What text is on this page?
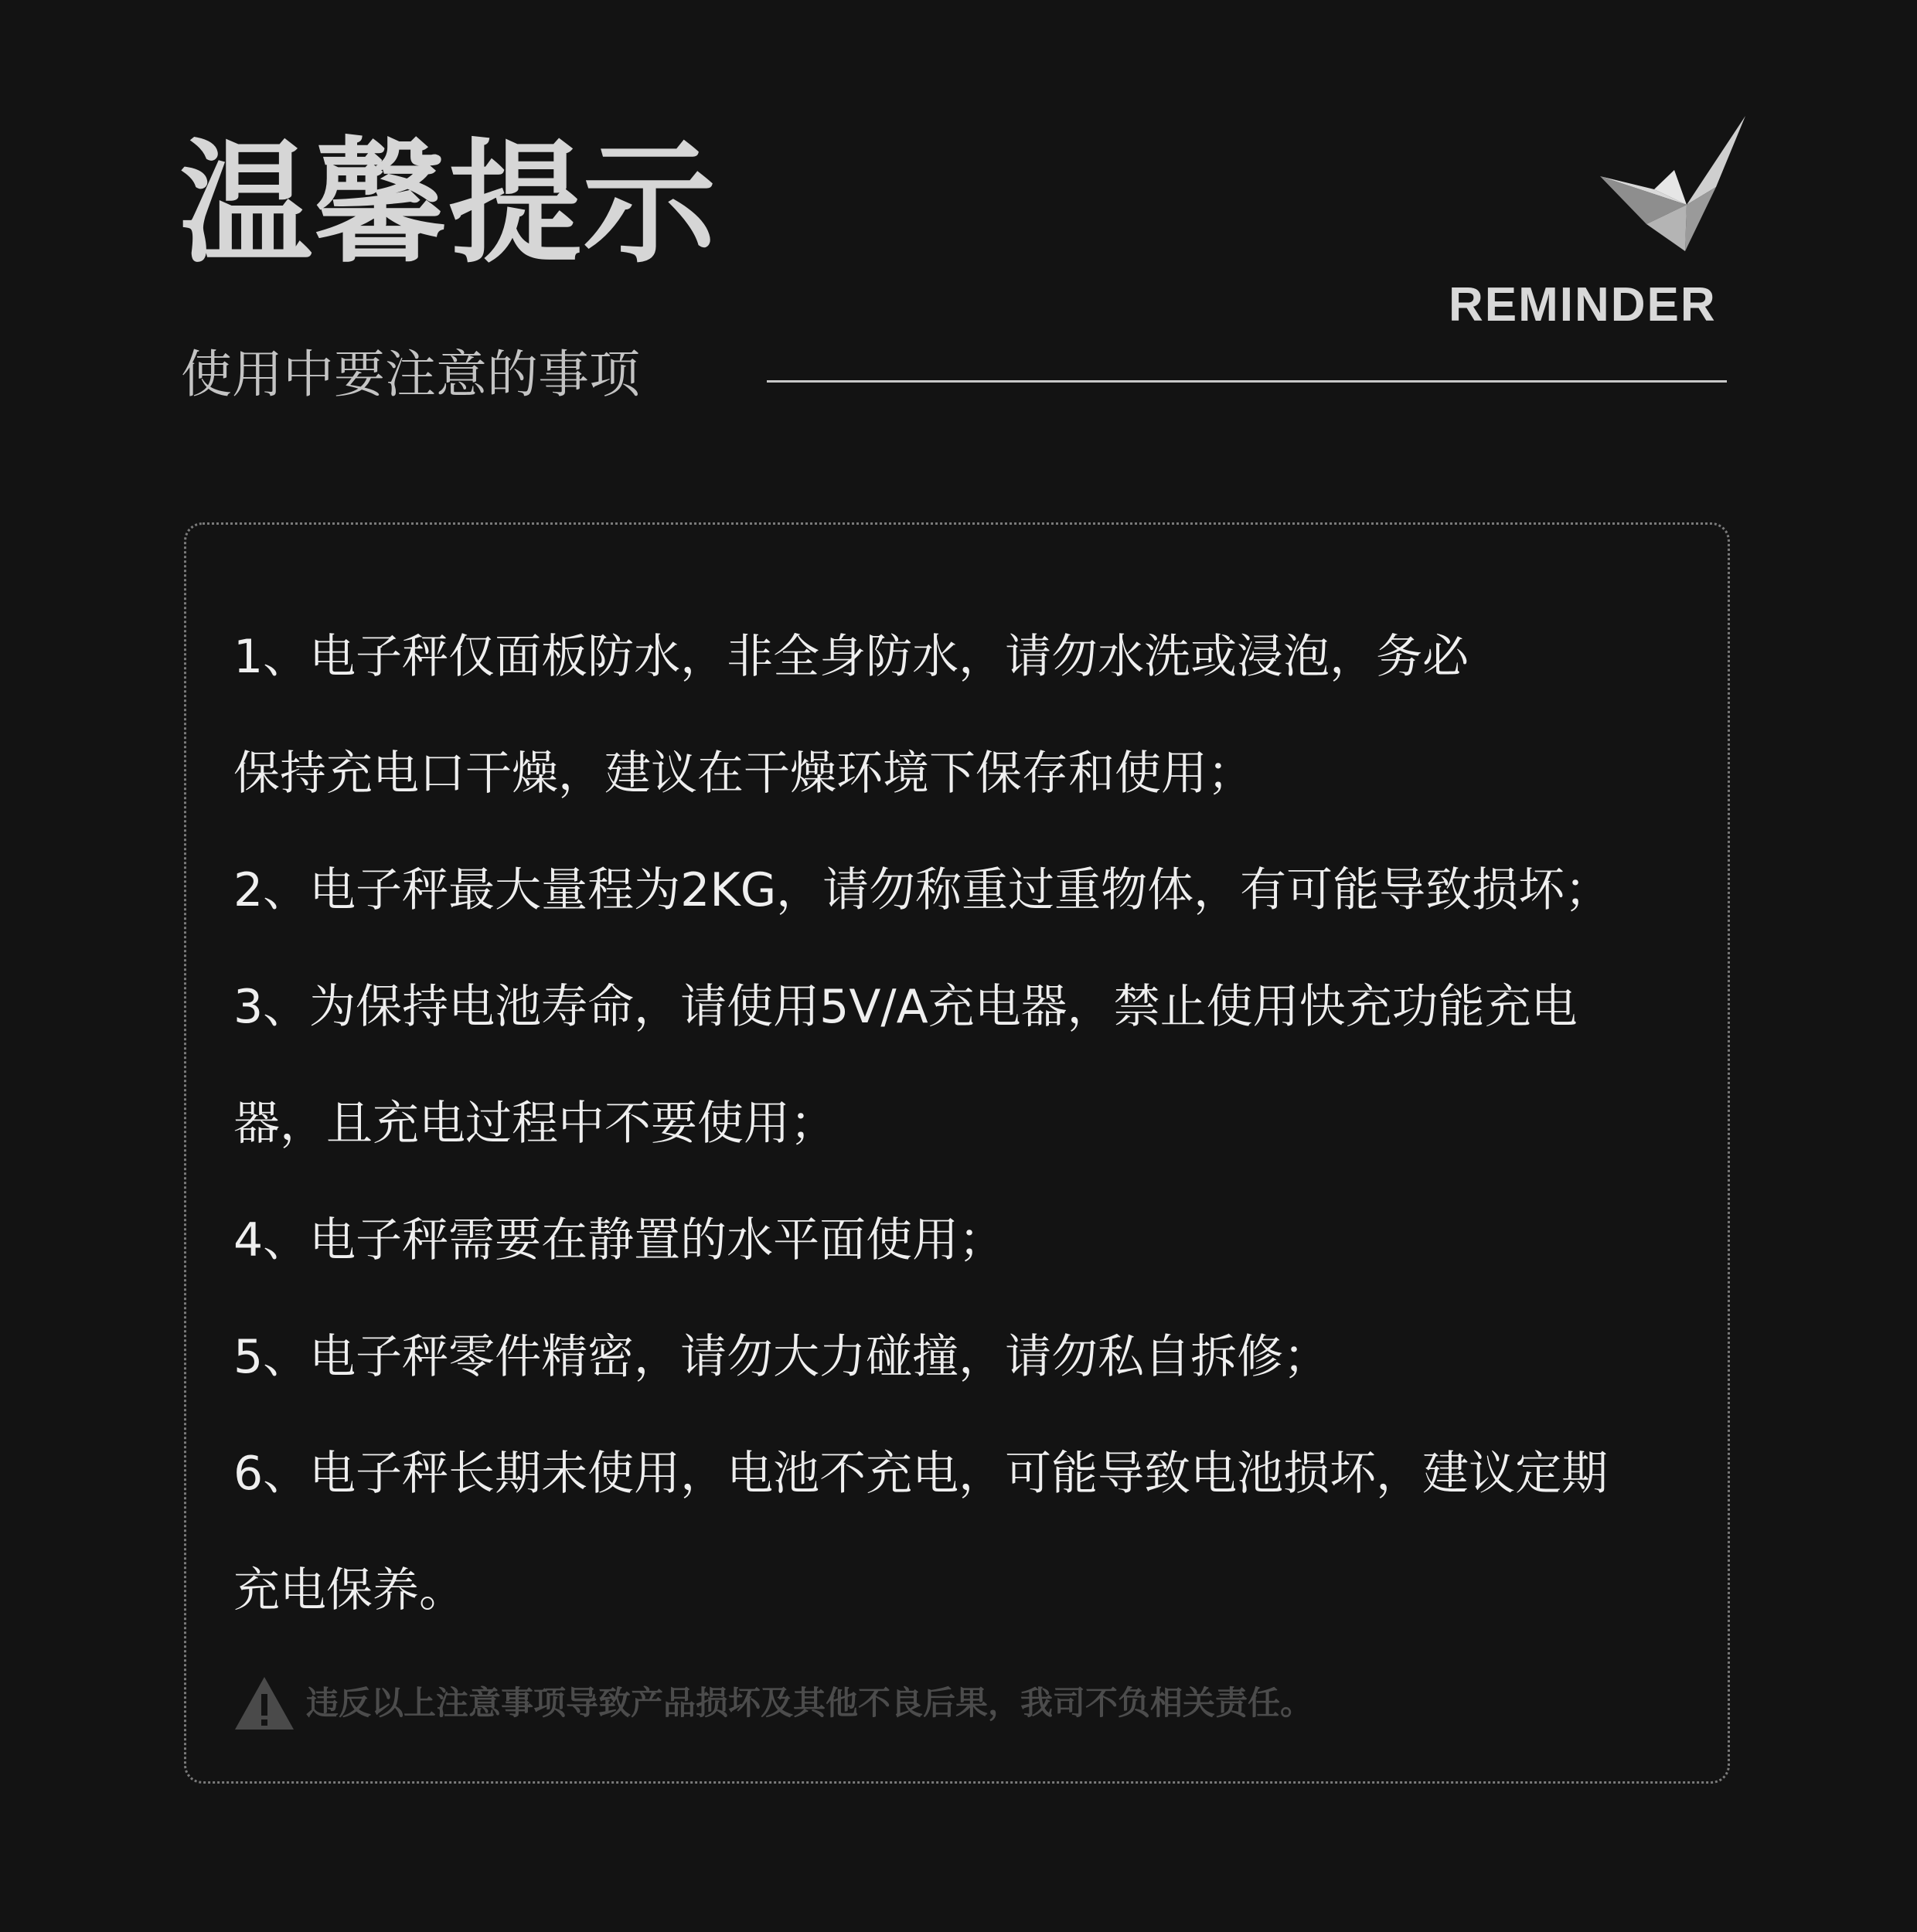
温馨提示
使用中要注意的事项
REMINDER
1、电子秤仅面板防水，非全身防水，请勿水洗或浸泡，务必
保持充电口干燥，建议在干燥环境下保存和使用；
2、电子秤最大量程为2KG，请勿称重过重物体，有可能导致损坏；
3、为保持电池寿命，请使用5V/A充电器，禁止使用快充功能充电
器，且充电过程中不要使用；
4、电子秤需要在静置的水平面使用；
5、电子秤零件精密，请勿大力碰撞，请勿私自拆修；
6、电子秤长期未使用，电池不充电，可能导致电池损坏，建议定期
充电保养。
违反以上注意事项导致产品损坏及其他不良后果，我司不负相关责任。
